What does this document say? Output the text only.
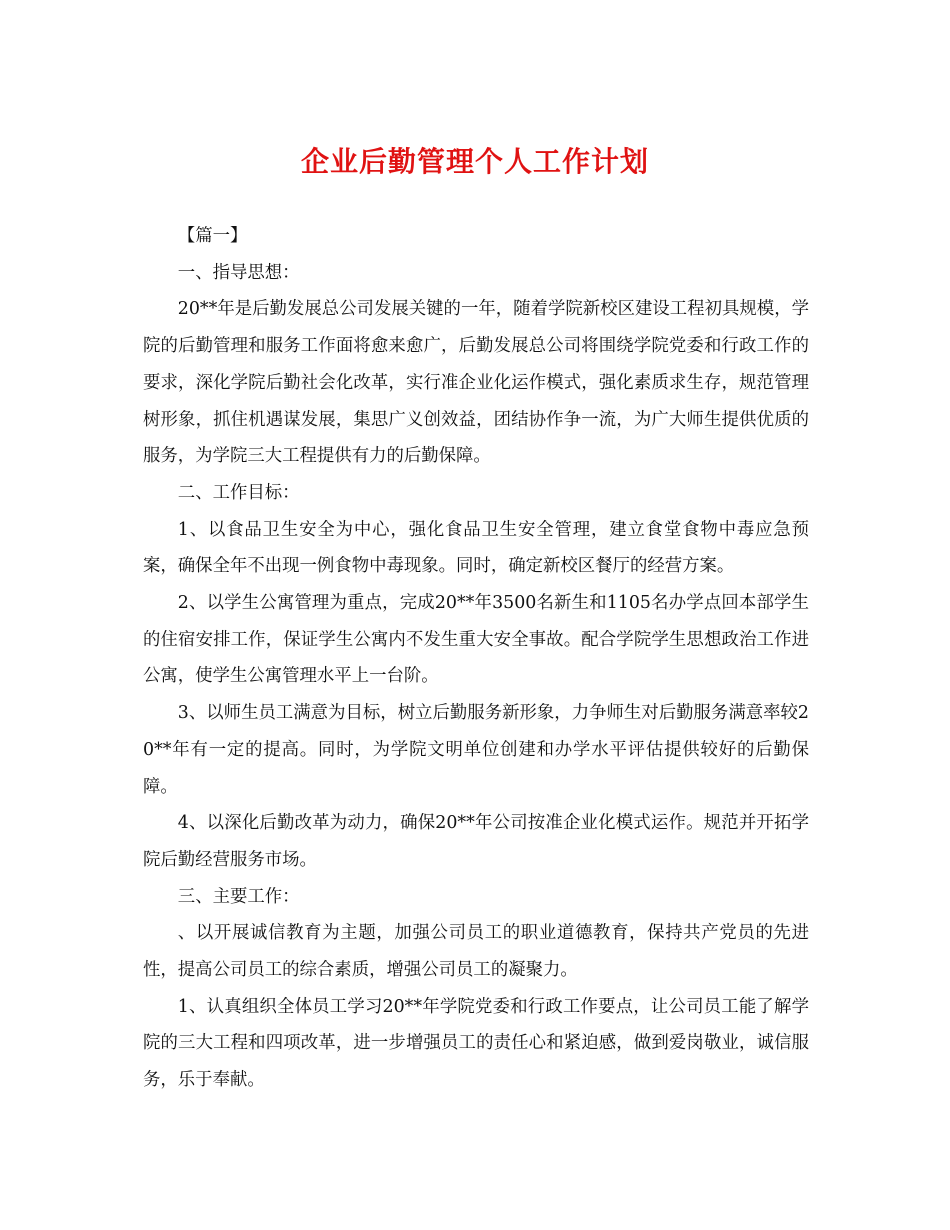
企业后勤管理个人工作计划

【篇一】

一、指导思想：

20**年是后勤发展总公司发展关键的一年，随着学院新校区建设工程初具规模，学院的后勤管理和服务工作面将愈来愈广，后勤发展总公司将围绕学院党委和行政工作的要求，深化学院后勤社会化改革，实行准企业化运作模式，强化素质求生存，规范管理树形象，抓住机遇谋发展，集思广义创效益，团结协作争一流，为广大师生提供优质的服务，为学院三大工程提供有力的后勤保障。

二、工作目标：

1、以食品卫生安全为中心，强化食品卫生安全管理，建立食堂食物中毒应急预案，确保全年不出现一例食物中毒现象。同时，确定新校区餐厅的经营方案。

2、以学生公寓管理为重点，完成20**年3500名新生和1105名办学点回本部学生的住宿安排工作，保证学生公寓内不发生重大安全事故。配合学院学生思想政治工作进公寓，使学生公寓管理水平上一台阶。

3、以师生员工满意为目标，树立后勤服务新形象，力争师生对后勤服务满意率较20**年有一定的提高。同时，为学院文明单位创建和办学水平评估提供较好的后勤保障。

4、以深化后勤改革为动力，确保20**年公司按准企业化模式运作。规范并开拓学院后勤经营服务市场。

三、主要工作：

、以开展诚信教育为主题，加强公司员工的职业道德教育，保持共产党员的先进性，提高公司员工的综合素质，增强公司员工的凝聚力。

1、认真组织全体员工学习20**年学院党委和行政工作要点，让公司员工能了解学院的三大工程和四项改革，进一步增强员工的责任心和紧迫感，做到爱岗敬业，诚信服务，乐于奉献。
